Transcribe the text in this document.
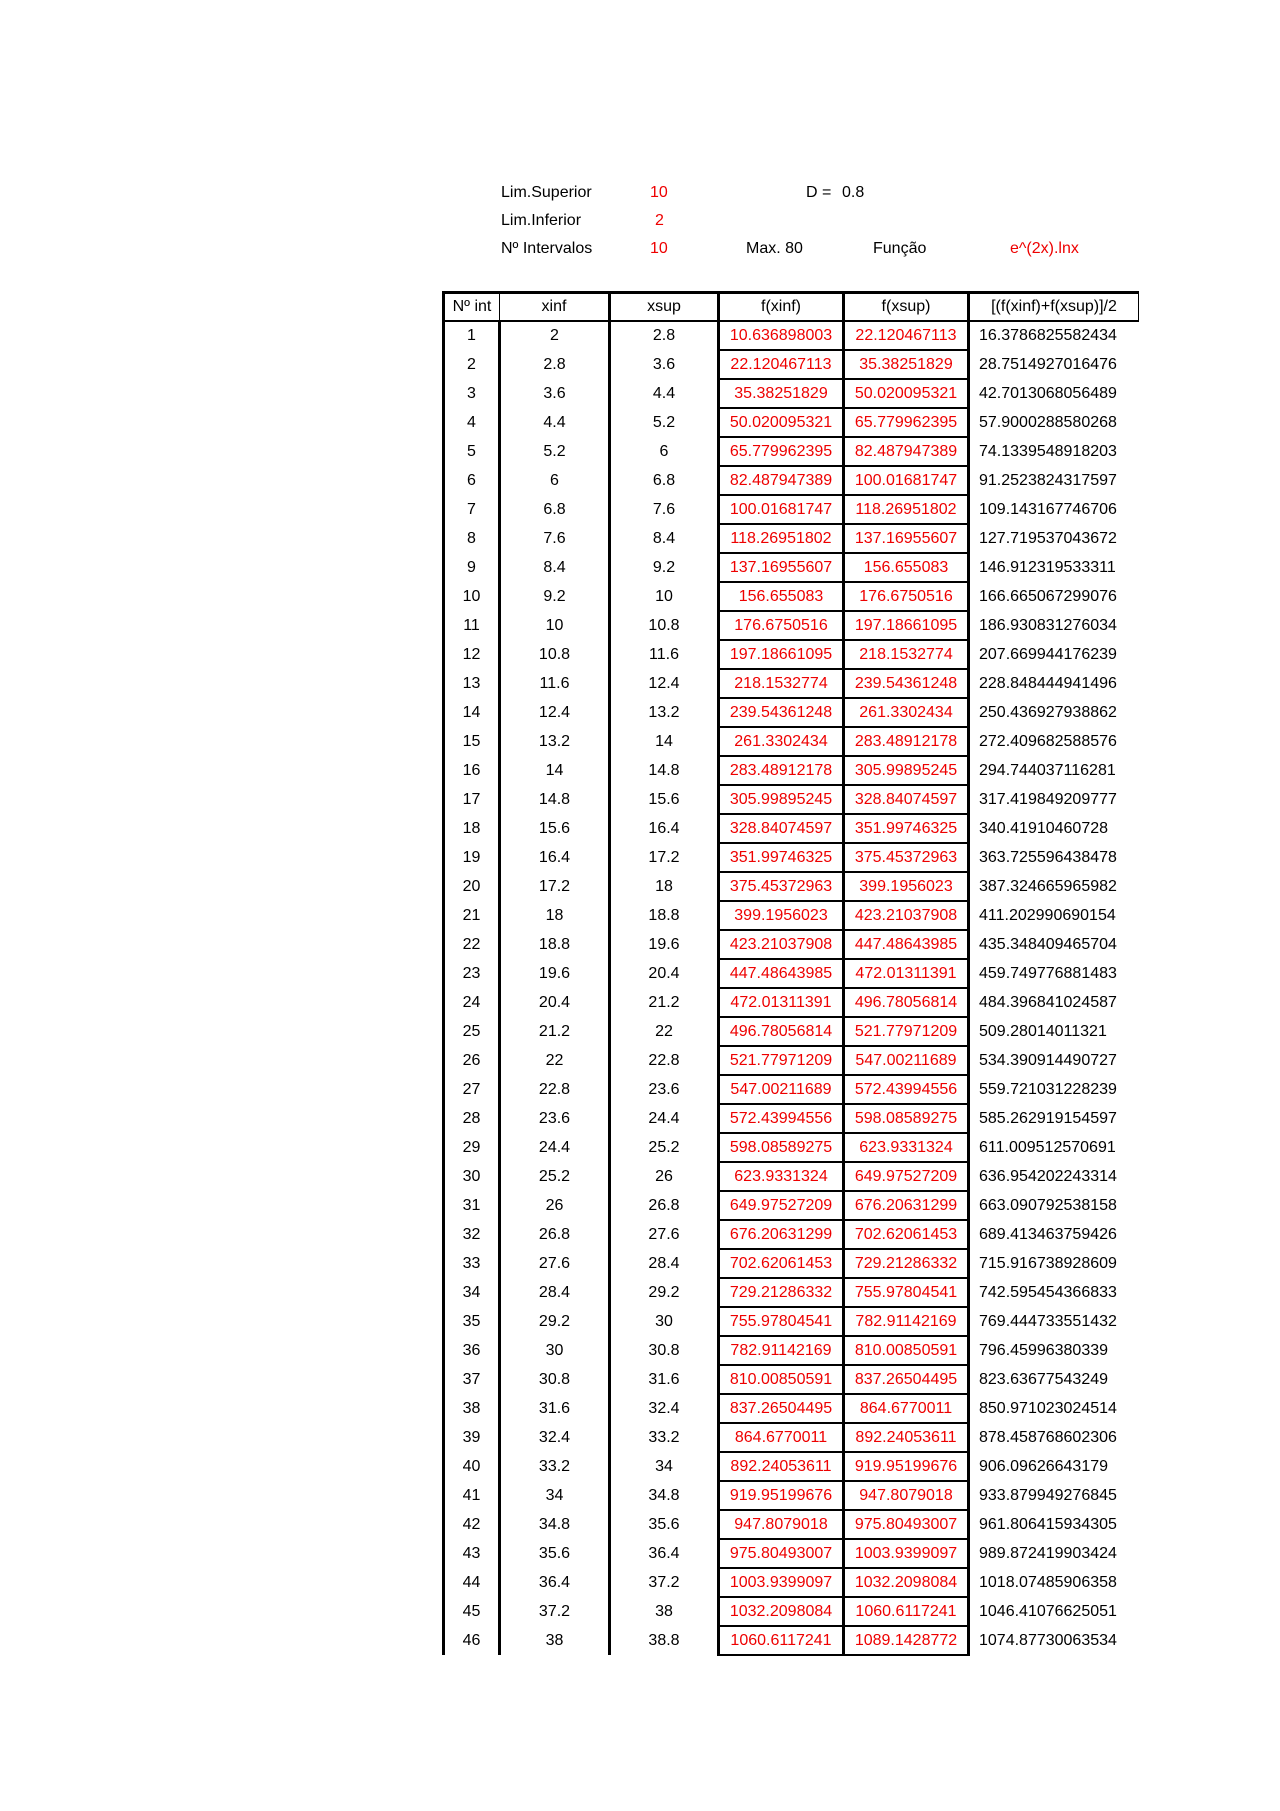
Lim.Superior	10	D = 0.8
Lim.Inferior	2
Nº Intervalos	10	Max. 80	Função	e^(2x).lnx
Nº int	xinf	xsup	f(xinf)	f(xsup)	[(f(xinf)+f(xsup)]/2
1	2	2.8	10.636898003	22.120467113	16.3786825582434
2	2.8	3.6	22.120467113	35.38251829	28.7514927016476
3	3.6	4.4	35.38251829	50.020095321	42.7013068056489
4	4.4	5.2	50.020095321	65.779962395	57.9000288580268
5	5.2	6	65.779962395	82.487947389	74.1339548918203
6	6	6.8	82.487947389	100.01681747	91.2523824317597
7	6.8	7.6	100.01681747	118.26951802	109.143167746706
8	7.6	8.4	118.26951802	137.16955607	127.719537043672
9	8.4	9.2	137.16955607	156.655083	146.912319533311
10	9.2	10	156.655083	176.6750516	166.665067299076
11	10	10.8	176.6750516	197.18661095	186.930831276034
12	10.8	11.6	197.18661095	218.1532774	207.669944176239
13	11.6	12.4	218.1532774	239.54361248	228.848444941496
14	12.4	13.2	239.54361248	261.3302434	250.436927938862
15	13.2	14	261.3302434	283.48912178	272.409682588576
16	14	14.8	283.48912178	305.99895245	294.744037116281
17	14.8	15.6	305.99895245	328.84074597	317.419849209777
18	15.6	16.4	328.84074597	351.99746325	340.41910460728
19	16.4	17.2	351.99746325	375.45372963	363.725596438478
20	17.2	18	375.45372963	399.1956023	387.324665965982
21	18	18.8	399.1956023	423.21037908	411.202990690154
22	18.8	19.6	423.21037908	447.48643985	435.348409465704
23	19.6	20.4	447.48643985	472.01311391	459.749776881483
24	20.4	21.2	472.01311391	496.78056814	484.396841024587
25	21.2	22	496.78056814	521.77971209	509.28014011321
26	22	22.8	521.77971209	547.00211689	534.390914490727
27	22.8	23.6	547.00211689	572.43994556	559.721031228239
28	23.6	24.4	572.43994556	598.08589275	585.262919154597
29	24.4	25.2	598.08589275	623.9331324	611.009512570691
30	25.2	26	623.9331324	649.97527209	636.954202243314
31	26	26.8	649.97527209	676.20631299	663.090792538158
32	26.8	27.6	676.20631299	702.62061453	689.413463759426
33	27.6	28.4	702.62061453	729.21286332	715.916738928609
34	28.4	29.2	729.21286332	755.97804541	742.595454366833
35	29.2	30	755.97804541	782.91142169	769.444733551432
36	30	30.8	782.91142169	810.00850591	796.45996380339
37	30.8	31.6	810.00850591	837.26504495	823.63677543249
38	31.6	32.4	837.26504495	864.6770011	850.971023024514
39	32.4	33.2	864.6770011	892.24053611	878.458768602306
40	33.2	34	892.24053611	919.95199676	906.09626643179
41	34	34.8	919.95199676	947.8079018	933.879949276845
42	34.8	35.6	947.8079018	975.80493007	961.806415934305
43	35.6	36.4	975.80493007	1003.9399097	989.872419903424
44	36.4	37.2	1003.9399097	1032.2098084	1018.07485906358
45	37.2	38	1032.2098084	1060.6117241	1046.41076625051
46	38	38.8	1060.6117241	1089.1428772	1074.87730063534
